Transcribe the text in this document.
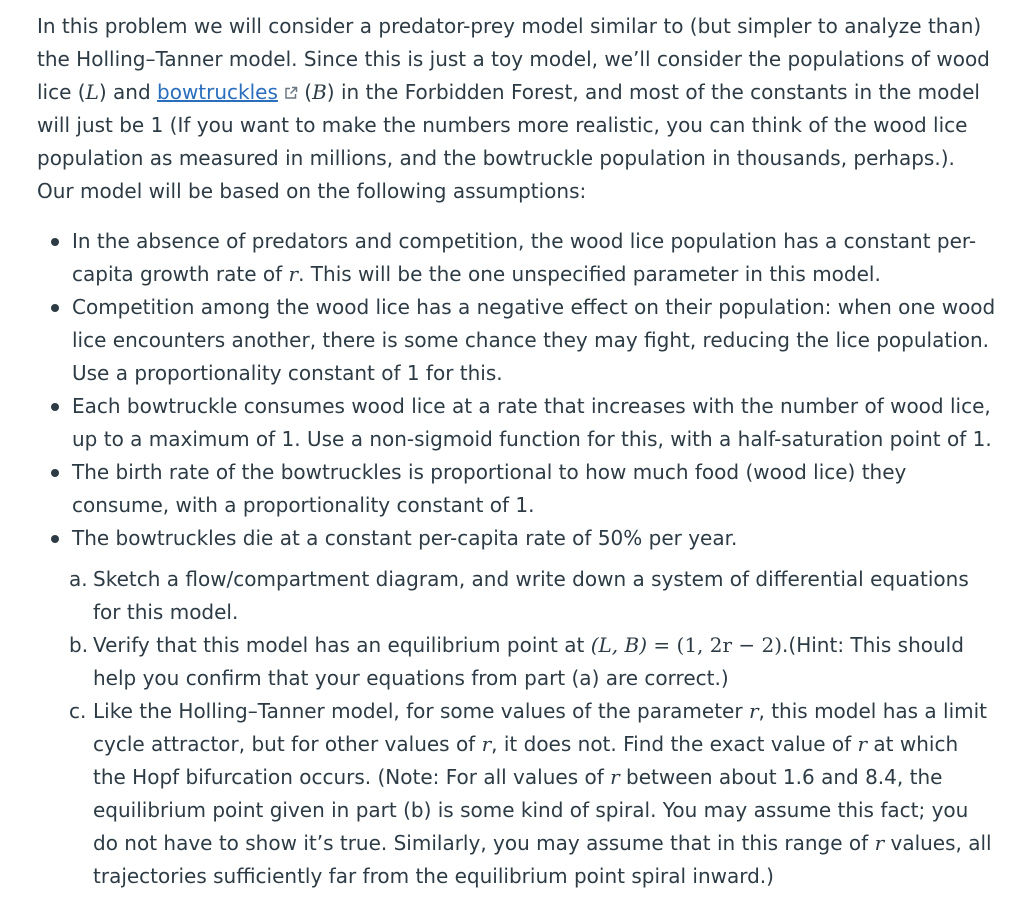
In this problem we will consider a predator-prey model similar to (but simpler to analyze than) the Holling–Tanner model. Since this is just a toy model, we’ll consider the populations of wood lice (L) and bowtruckles (B) in the Forbidden Forest, and most of the constants in the model will just be 1 (If you want to make the numbers more realistic, you can think of the wood lice population as measured in millions, and the bowtruckle population in thousands, perhaps.). Our model will be based on the following assumptions:

In the absence of predators and competition, the wood lice population has a constant per-capita growth rate of r. This will be the one unspecified parameter in this model.
Competition among the wood lice has a negative effect on their population: when one wood lice encounters another, there is some chance they may fight, reducing the lice population. Use a proportionality constant of 1 for this.
Each bowtruckle consumes wood lice at a rate that increases with the number of wood lice, up to a maximum of 1. Use a non-sigmoid function for this, with a half-saturation point of 1.
The birth rate of the bowtruckles is proportional to how much food (wood lice) they consume, with a proportionality constant of 1.
The bowtruckles die at a constant per-capita rate of 50% per year.
a. Sketch a flow/compartment diagram, and write down a system of differential equations for this model.
b. Verify that this model has an equilibrium point at (L, B) = (1, 2r − 2).(Hint: This should help you confirm that your equations from part (a) are correct.)
c. Like the Holling–Tanner model, for some values of the parameter r, this model has a limit cycle attractor, but for other values of r, it does not. Find the exact value of r at which the Hopf bifurcation occurs. (Note: For all values of r between about 1.6 and 8.4, the equilibrium point given in part (b) is some kind of spiral. You may assume this fact; you do not have to show it’s true. Similarly, you may assume that in this range of r values, all trajectories sufficiently far from the equilibrium point spiral inward.)
